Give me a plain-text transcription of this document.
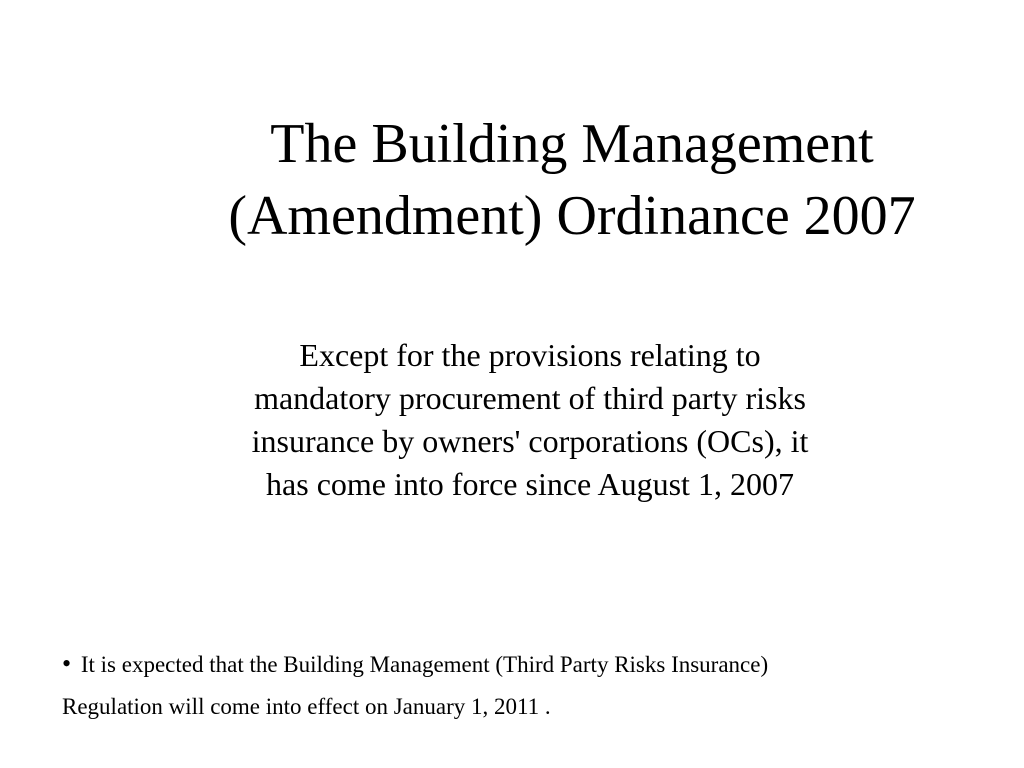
The Building Management
(Amendment) Ordinance 2007

Except for the provisions relating to
mandatory procurement of third party risks
insurance by owners' corporations (OCs), it
has come into force since August 1, 2007

• It is expected that the Building Management (Third Party Risks Insurance)
Regulation will come into effect on January 1, 2011 .
